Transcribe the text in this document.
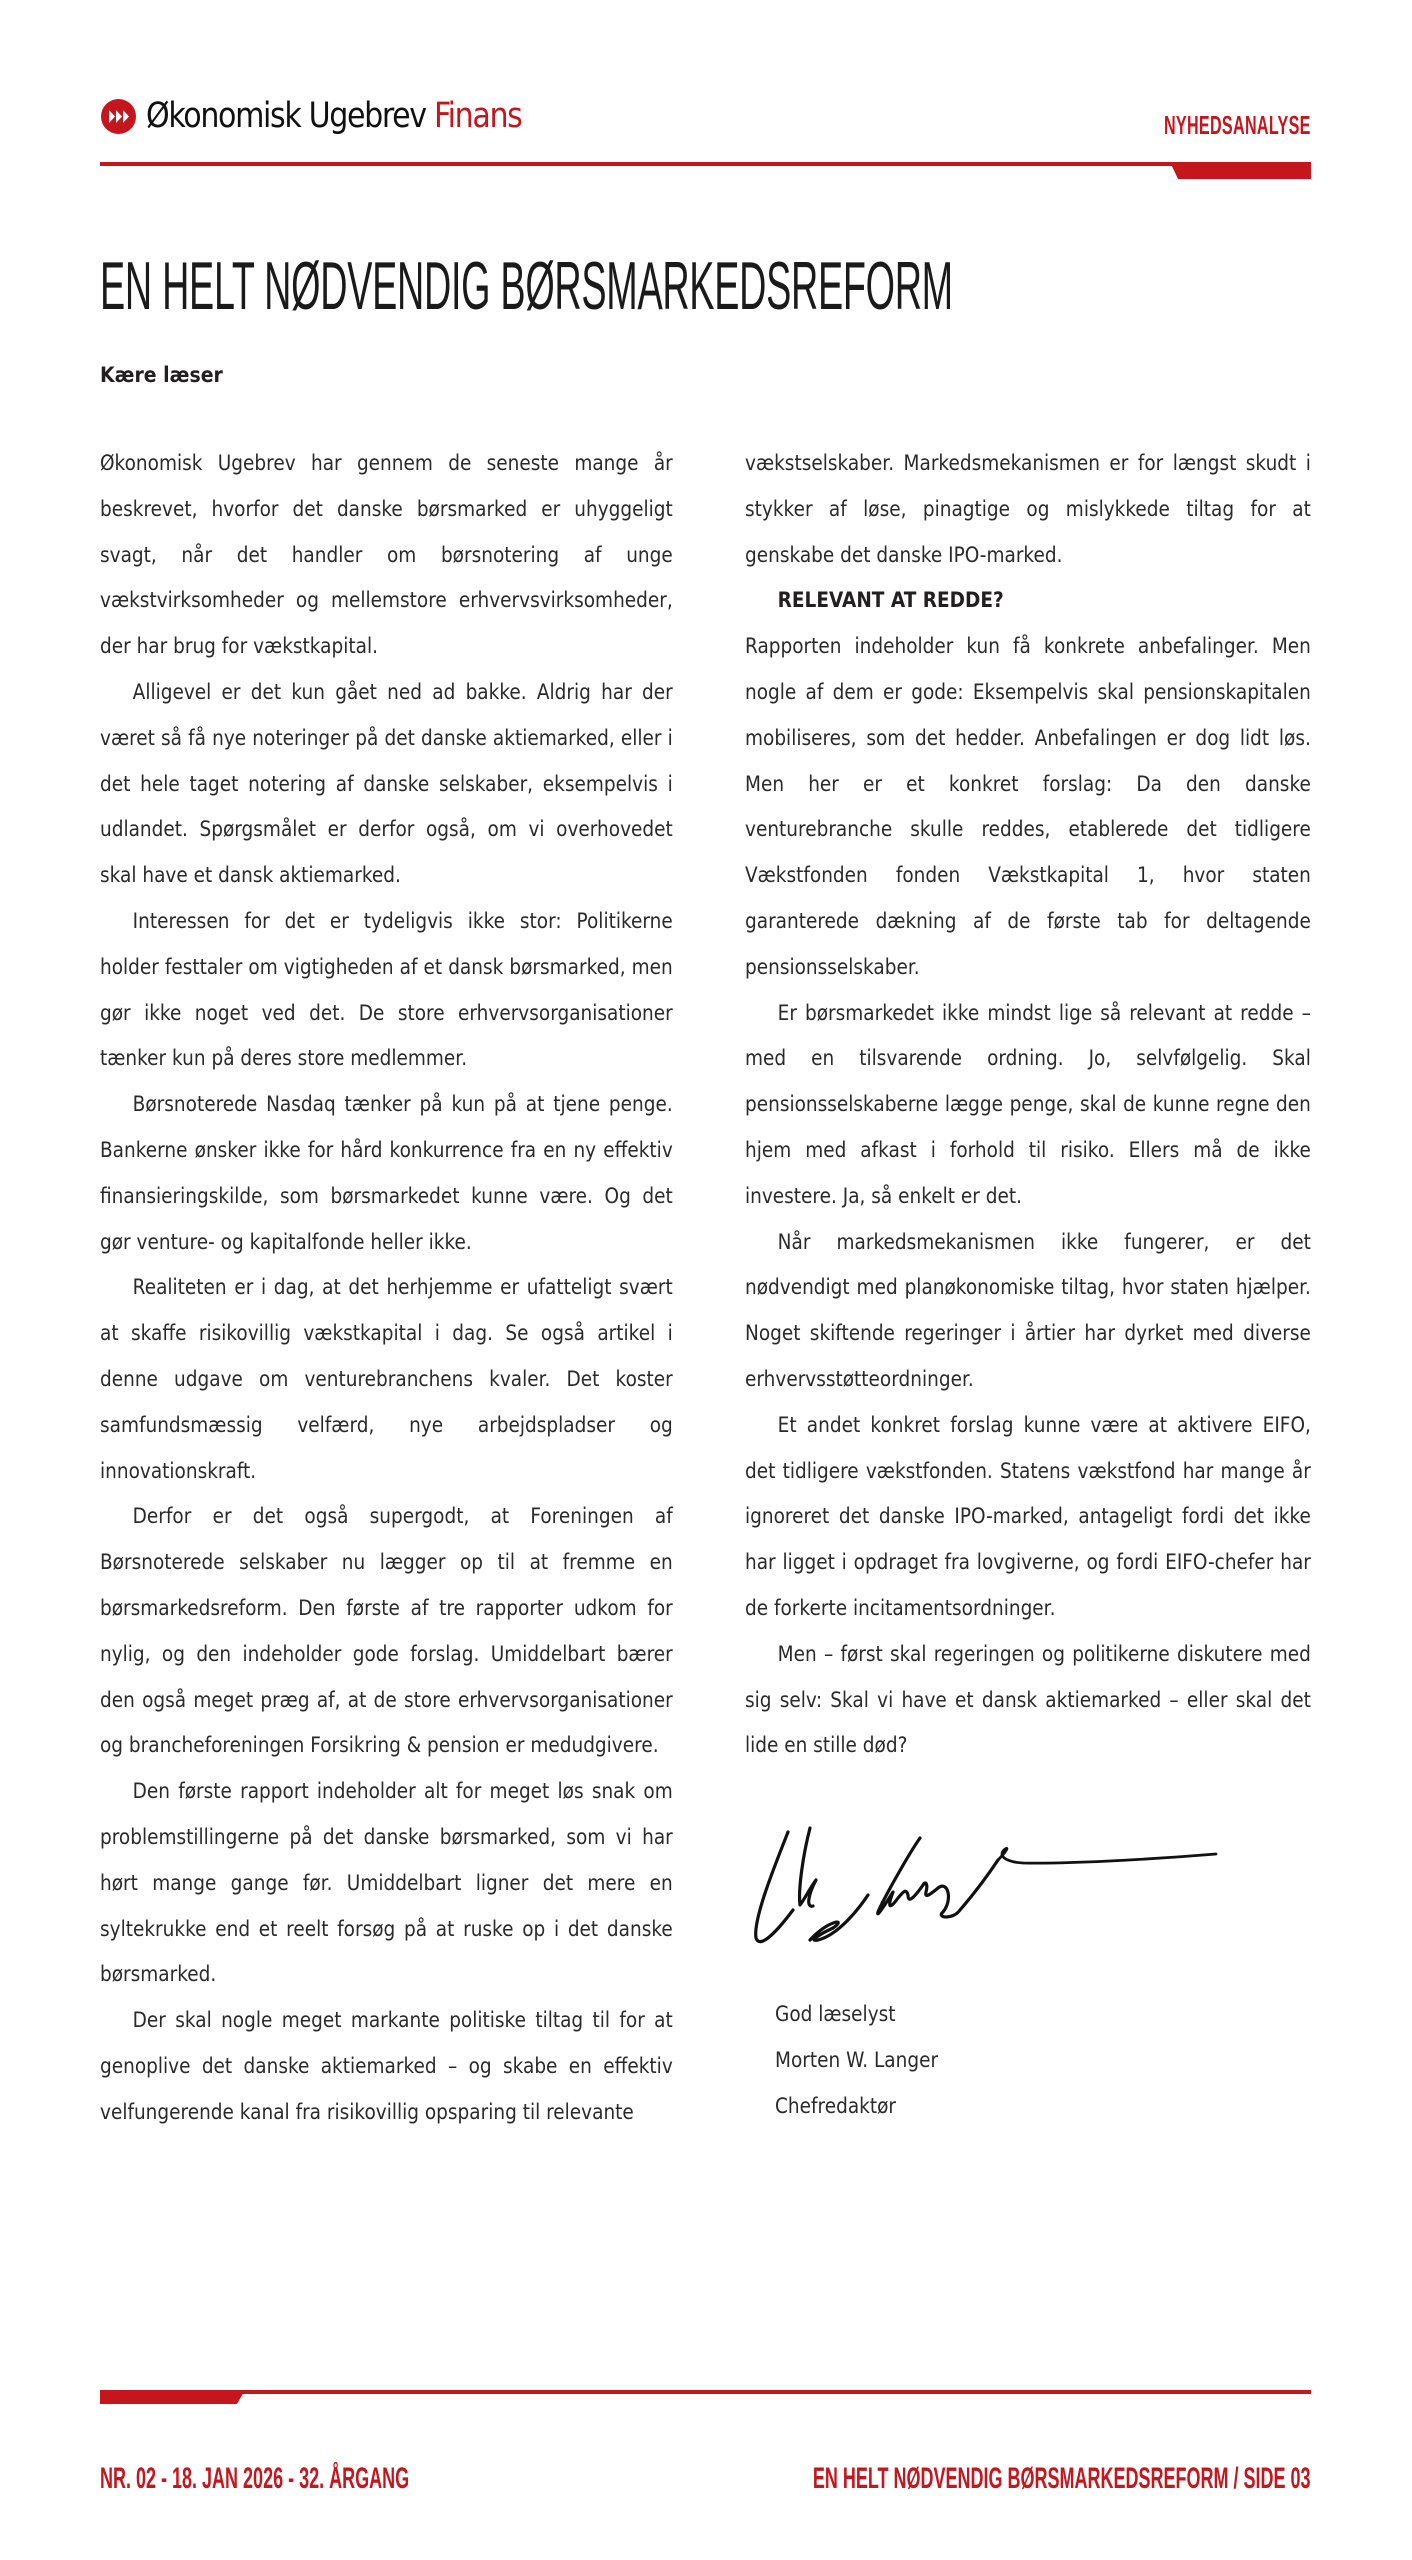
Økonomisk Ugebrev Finans	NYHEDSANALYSE
EN HELT NØDVENDIG BØRSMARKEDSREFORM
Kære læser

Økonomisk Ugebrev har gennem de seneste mange år beskrevet, hvorfor det danske børsmarked er uhyggeligt svagt, når det handler om børsnotering af unge vækstvirksomheder og mellemstore erhvervsvirksomheder, der har brug for vækstkapital.

Alligevel er det kun gået ned ad bakke. Aldrig har der været så få nye noteringer på det danske aktiemarked, eller i det hele taget notering af danske selskaber, eksempelvis i udlandet. Spørgsmålet er derfor også, om vi overhovedet skal have et dansk aktiemarked.

Interessen for det er tydeligvis ikke stor: Politikerne holder festtaler om vigtigheden af et dansk børsmarked, men gør ikke noget ved det. De store erhvervsorganisationer tænker kun på deres store medlemmer.

Børsnoterede Nasdaq tænker på kun på at tjene penge. Bankerne ønsker ikke for hård konkurrence fra en ny effektiv finansieringskilde, som børsmarkedet kunne være. Og det gør venture- og kapitalfonde heller ikke.

Realiteten er i dag, at det herhjemme er ufatteligt svært at skaffe risikovillig vækstkapital i dag. Se også artikel i denne udgave om venturebranchens kvaler. Det koster samfundsmæssig velfærd, nye arbejdspladser og innovationskraft.

Derfor er det også supergodt, at Foreningen af Børsnoterede selskaber nu lægger op til at fremme en børsmarkedsreform. Den første af tre rapporter udkom for nylig, og den indeholder gode forslag. Umiddelbart bærer den også meget præg af, at de store erhvervsorganisationer og brancheforeningen Forsikring & pension er medudgivere.

Den første rapport indeholder alt for meget løs snak om problemstillingerne på det danske børsmarked, som vi har hørt mange gange før. Umiddelbart ligner det mere en syltekrukke end et reelt forsøg på at ruske op i det danske børsmarked.

Der skal nogle meget markante politiske tiltag til for at genoplive det danske aktiemarked – og skabe en effektiv velfungerende kanal fra risikovillig opsparing til relevante

vækstselskaber. Markedsmekanismen er for længst skudt i stykker af løse, pinagtige og mislykkede tiltag for at genskabe det danske IPO-marked.

RELEVANT AT REDDE?

Rapporten indeholder kun få konkrete anbefalinger. Men nogle af dem er gode: Eksempelvis skal pensionskapitalen mobiliseres, som det hedder. Anbefalingen er dog lidt løs. Men her er et konkret forslag: Da den danske venturebranche skulle reddes, etablerede det tidligere Vækstfonden fonden Vækstkapital 1, hvor staten garanterede dækning af de første tab for deltagende pensionsselskaber.

Er børsmarkedet ikke mindst lige så relevant at redde – med en tilsvarende ordning. Jo, selvfølgelig. Skal pensionsselskaberne lægge penge, skal de kunne regne den hjem med afkast i forhold til risiko. Ellers må de ikke investere. Ja, så enkelt er det.

Når markedsmekanismen ikke fungerer, er det nødvendigt med planøkonomiske tiltag, hvor staten hjælper. Noget skiftende regeringer i årtier har dyrket med diverse erhvervsstøtteordninger.

Et andet konkret forslag kunne være at aktivere EIFO, det tidligere vækstfonden. Statens vækstfond har mange år ignoreret det danske IPO-marked, antageligt fordi det ikke har ligget i opdraget fra lovgiverne, og fordi EIFO-chefer har de forkerte incitamentsordninger.

Men – først skal regeringen og politikerne diskutere med sig selv: Skal vi have et dansk aktiemarked – eller skal det lide en stille død?

God læselyst
Morten W. Langer
Chefredaktør
NR. 02 - 18. JAN 2026 - 32. ÅRGANG	EN HELT NØDVENDIG BØRSMARKEDSREFORM / SIDE 03
